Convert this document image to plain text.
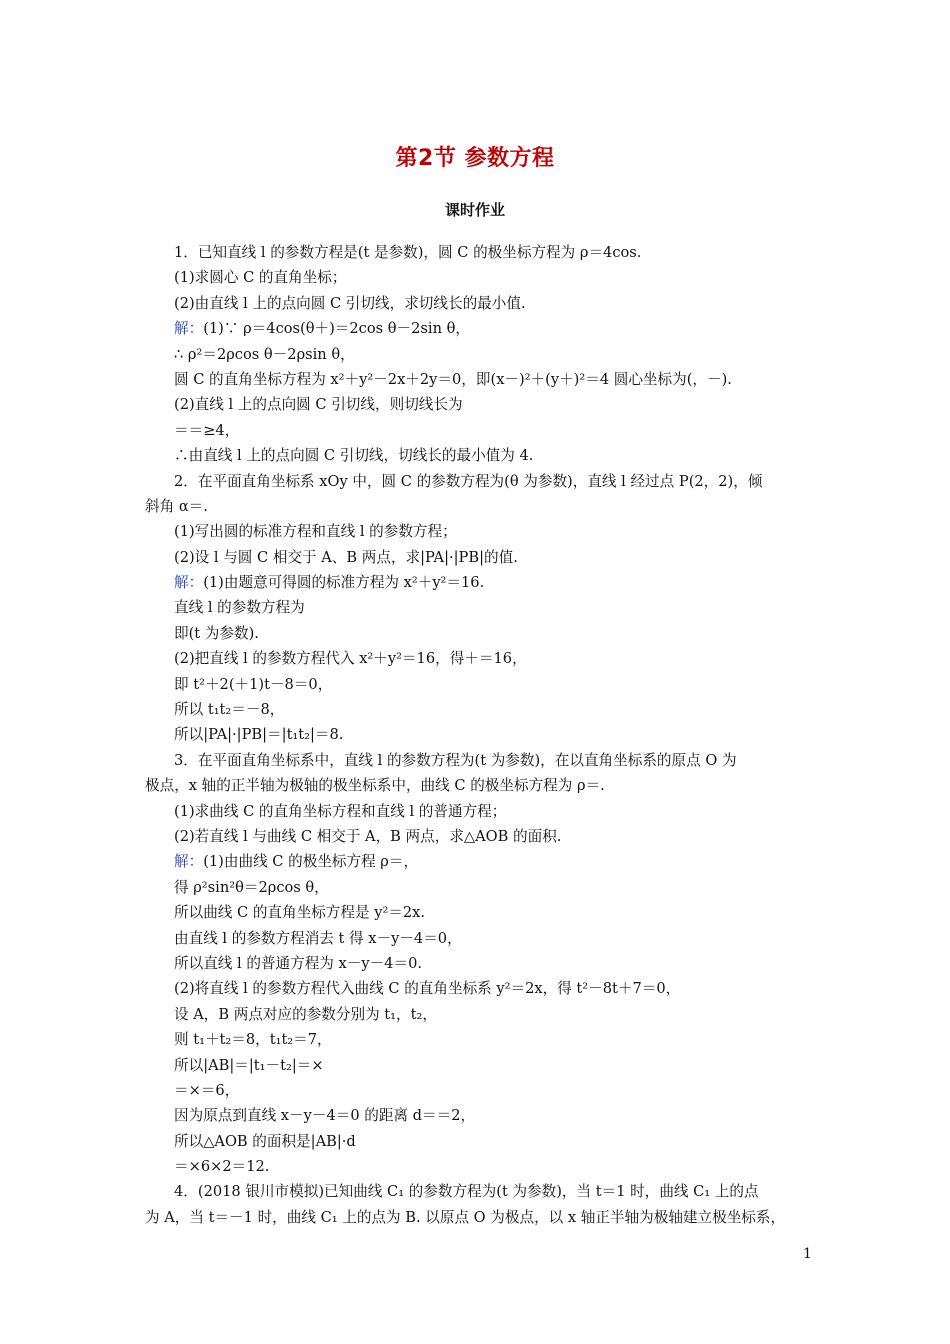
第2节 参数方程
课时作业
1．已知直线 l 的参数方程是(t 是参数)，圆 C 的极坐标方程为 ρ＝4cos.
(1)求圆心 C 的直角坐标；
(2)由直线 l 上的点向圆 C 引切线，求切线长的最小值.
解：(1)∵ ρ＝4cos(θ＋)＝2cos θ－2sin θ，
∴ ρ²＝2ρcos θ－2ρsin θ，
圆 C 的直角坐标方程为 x²＋y²－2x＋2y＝0，即(x－)²＋(y＋)²＝4 圆心坐标为(，－).
(2)直线 l 上的点向圆 C 引切线，则切线长为
＝＝≥4，
∴由直线 l 上的点向圆 C 引切线，切线长的最小值为 4.
2．在平面直角坐标系 xOy 中，圆 C 的参数方程为(θ 为参数)，直线 l 经过点 P(2，2)，倾
斜角 α＝.
(1)写出圆的标准方程和直线 l 的参数方程；
(2)设 l 与圆 C 相交于 A、B 两点，求|PA|·|PB|的值.
解：(1)由题意可得圆的标准方程为 x²＋y²＝16.
直线 l 的参数方程为
即(t 为参数).
(2)把直线 l 的参数方程代入 x²＋y²＝16，得＋＝16，
即 t²＋2(＋1)t－8＝0，
所以 t₁t₂＝－8，
所以|PA|·|PB|＝|t₁t₂|＝8.
3．在平面直角坐标系中，直线 l 的参数方程为(t 为参数)，在以直角坐标系的原点 O 为
极点，x 轴的正半轴为极轴的极坐标系中，曲线 C 的极坐标方程为 ρ＝.
(1)求曲线 C 的直角坐标方程和直线 l 的普通方程；
(2)若直线 l 与曲线 C 相交于 A，B 两点，求△AOB 的面积.
解：(1)由曲线 C 的极坐标方程 ρ＝，
得 ρ²sin²θ＝2ρcos θ，
所以曲线 C 的直角坐标方程是 y²＝2x.
由直线 l 的参数方程消去 t 得 x－y－4＝0，
所以直线 l 的普通方程为 x－y－4＝0.
(2)将直线 l 的参数方程代入曲线 C 的直角坐标系 y²＝2x，得 t²－8t＋7＝0，
设 A，B 两点对应的参数分别为 t₁，t₂，
则 t₁＋t₂＝8，t₁t₂＝7，
所以|AB|＝|t₁－t₂|＝×
＝×＝6，
因为原点到直线 x－y－4＝0 的距离 d＝＝2，
所以△AOB 的面积是|AB|·d
＝×6×2＝12.
4．(2018 银川市模拟)已知曲线 C₁ 的参数方程为(t 为参数)，当 t＝1 时，曲线 C₁ 上的点
为 A，当 t＝－1 时，曲线 C₁ 上的点为 B. 以原点 O 为极点，以 x 轴正半轴为极轴建立极坐标系，
1
